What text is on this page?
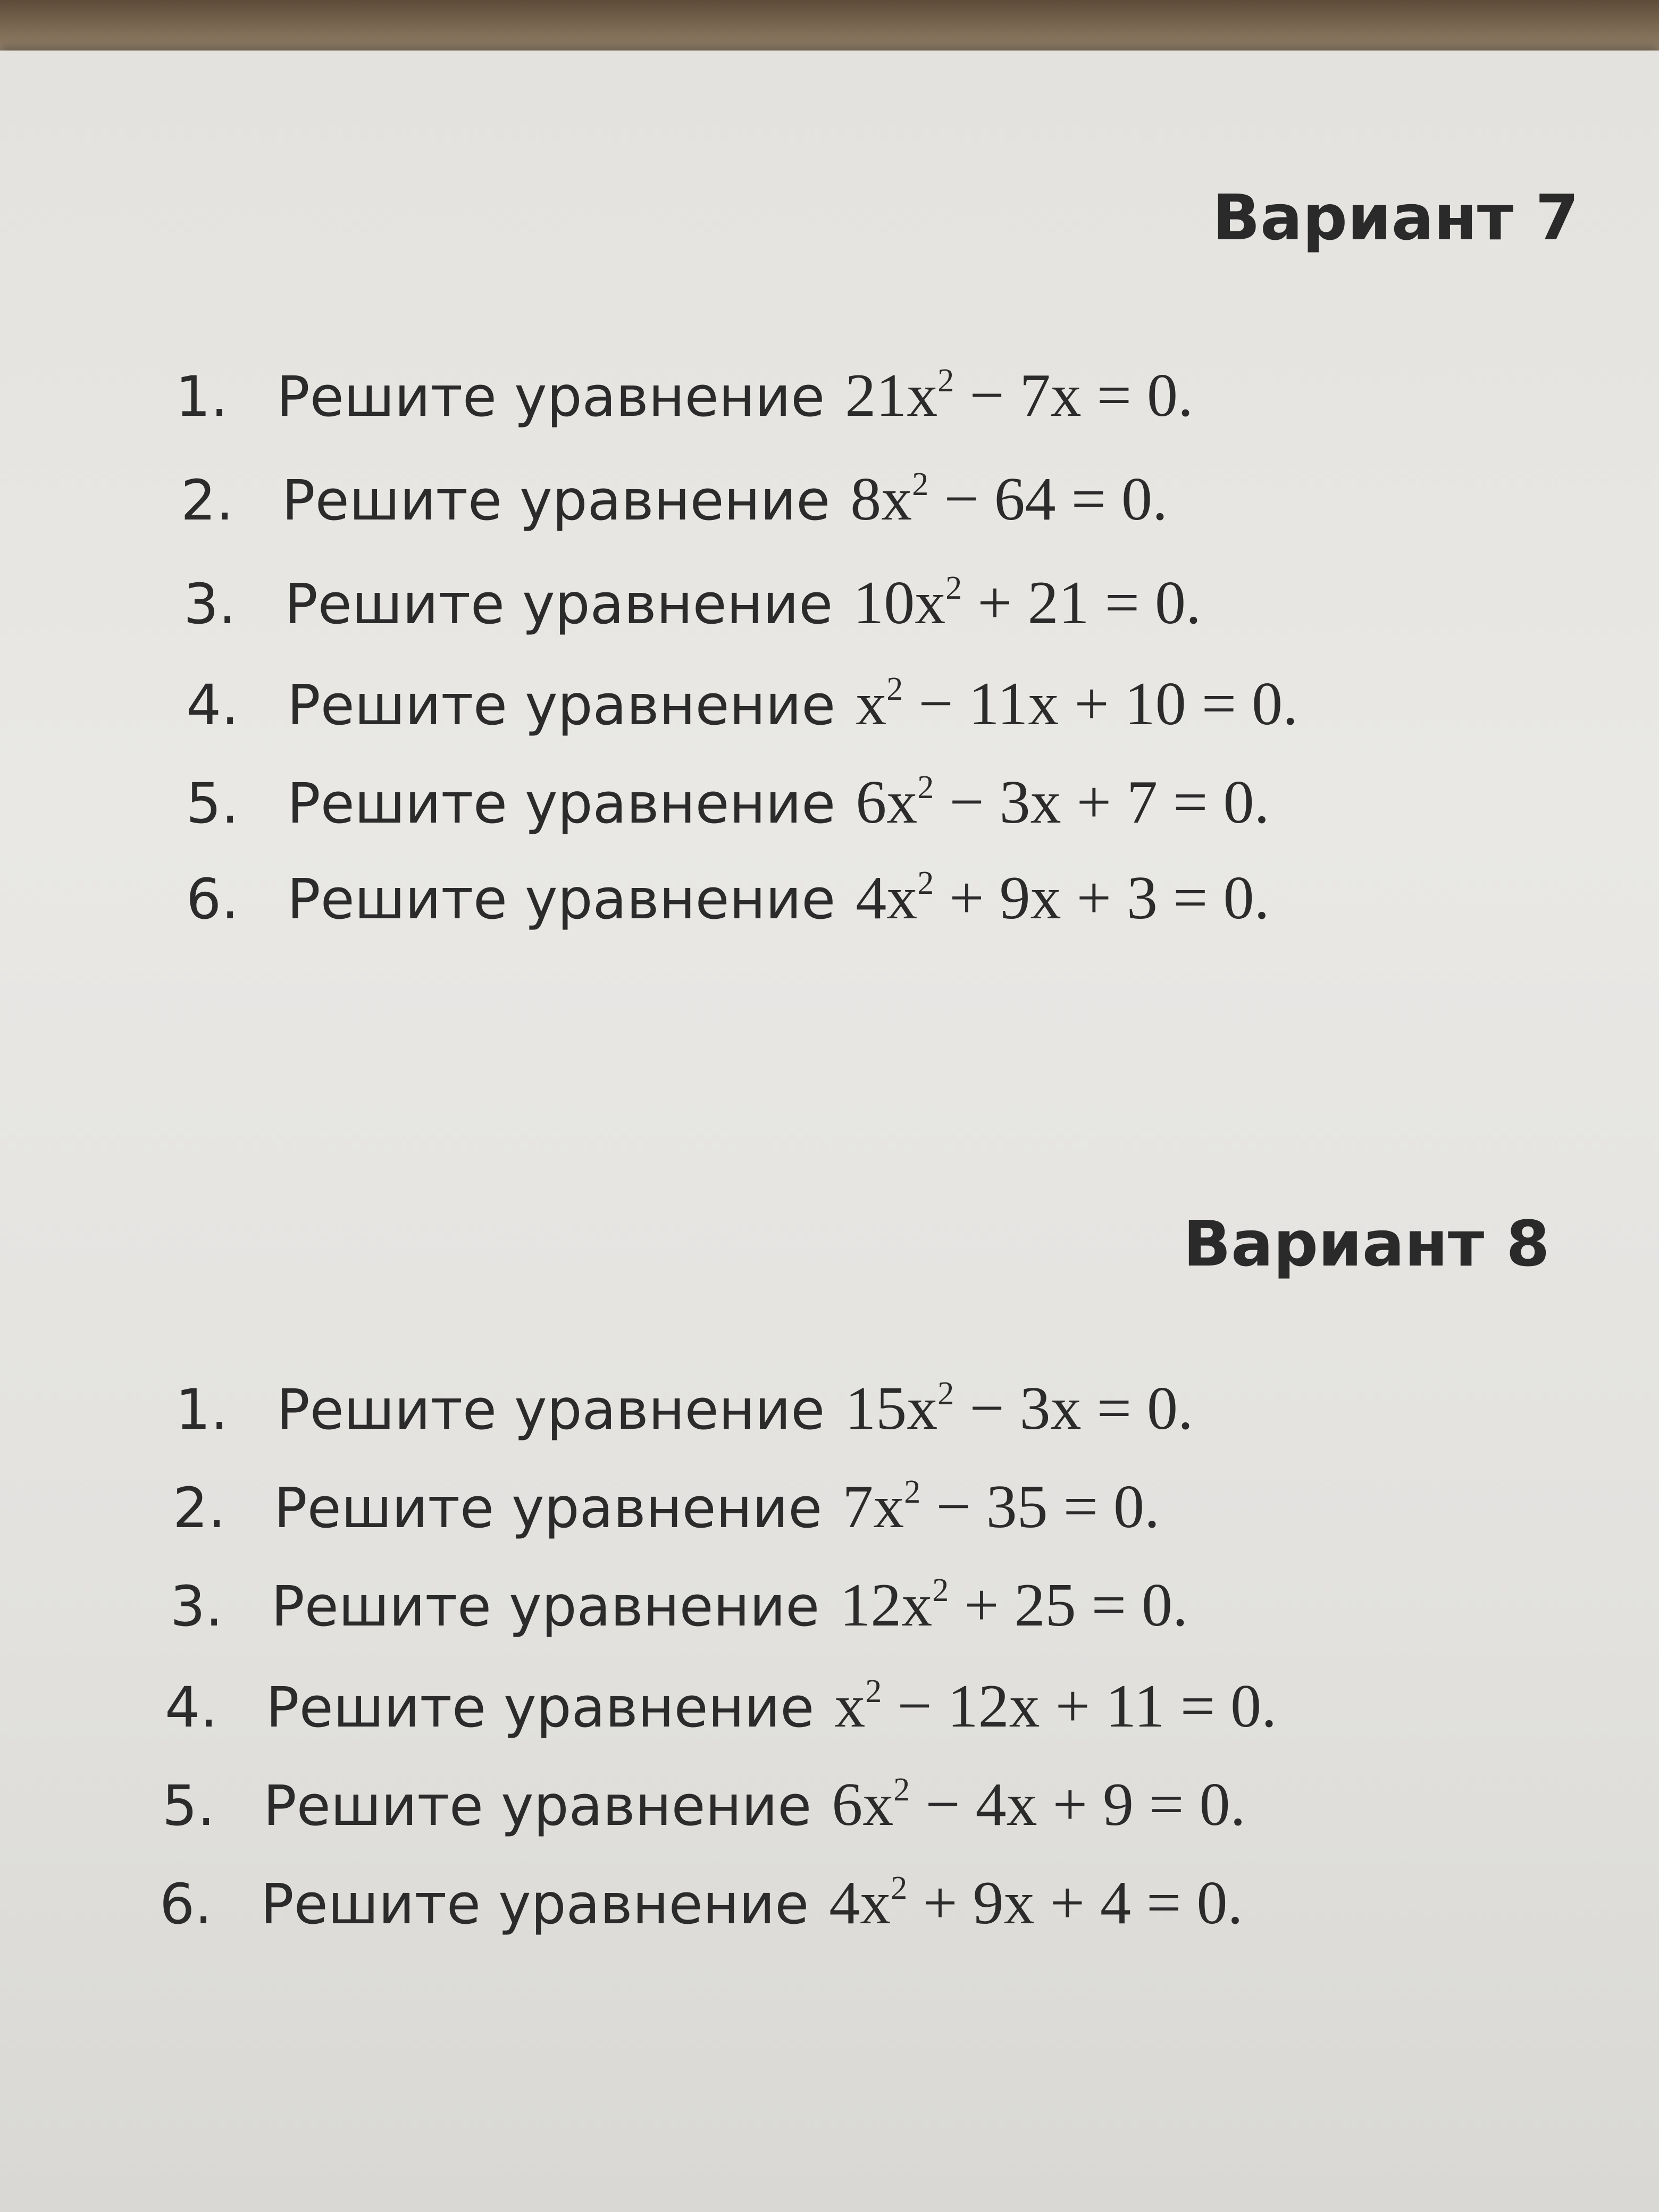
Вариант 7
1. Решите уравнение $21x^2 - 7x = 0$.
2. Решите уравнение $8x^2 - 64 = 0$.
3. Решите уравнение $10x^2 + 21 = 0$.
4. Решите уравнение $x^2 - 11x + 10 = 0$.
5. Решите уравнение $6x^2 - 3x + 7 = 0$.
6. Решите уравнение $4x^2 + 9x + 3 = 0$.
Вариант 8
1. Решите уравнение $15x^2 - 3x = 0$.
2. Решите уравнение $7x^2 - 35 = 0$.
3. Решите уравнение $12x^2 + 25 = 0$.
4. Решите уравнение $x^2 - 12x + 11 = 0$.
5. Решите уравнение $6x^2 - 4x + 9 = 0$.
6. Решите уравнение $4x^2 + 9x + 4 = 0$.
